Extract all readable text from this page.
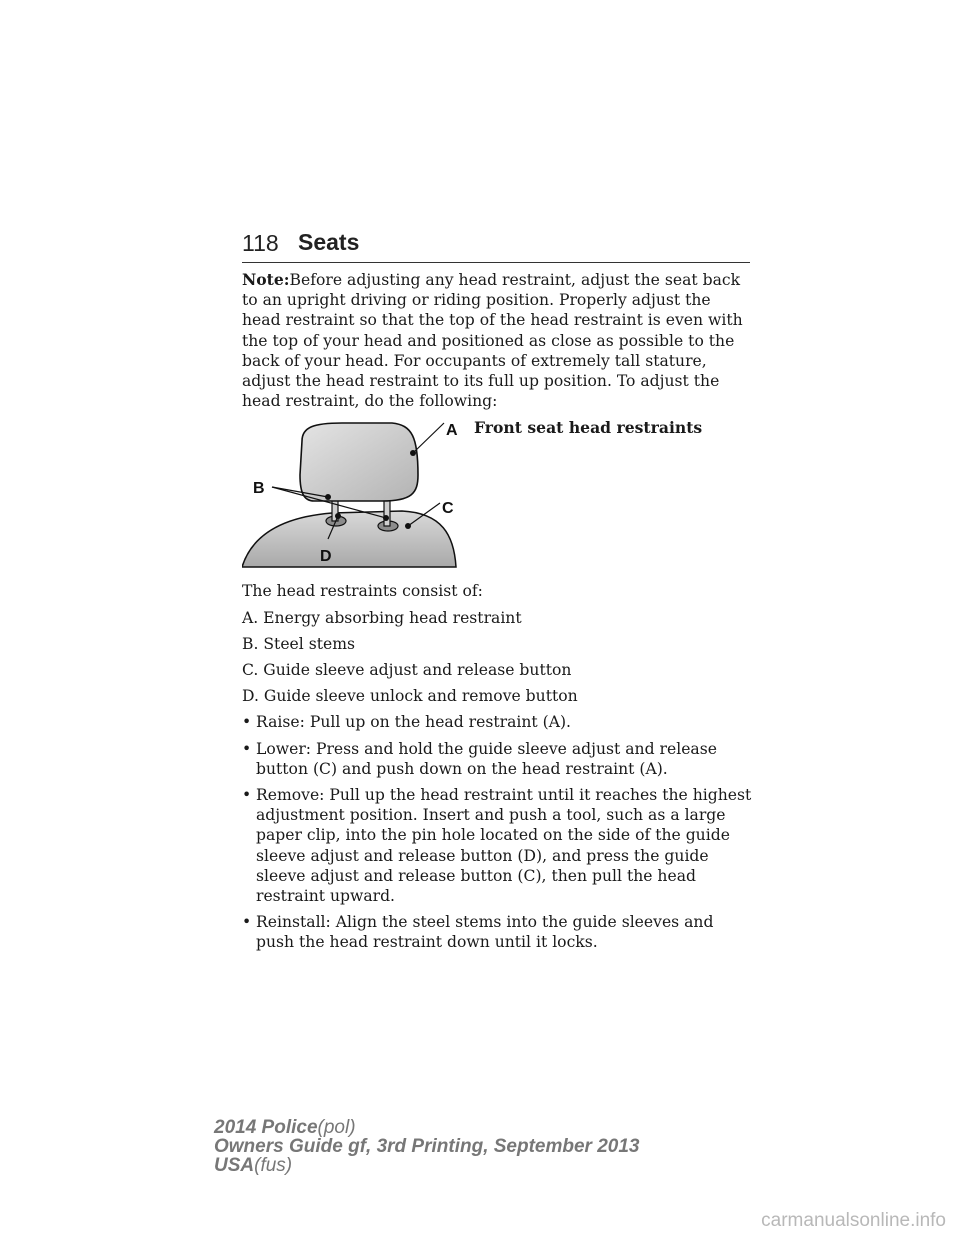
118 Seats

Note:Before adjusting any head restraint, adjust the seat back to an upright driving or riding position. Properly adjust the head restraint so that the top of the head restraint is even with the top of your head and positioned as close as possible to the back of your head. For occupants of extremely tall stature, adjust the head restraint to its full up position. To adjust the head restraint, do the following:

A
B
C
D
Front seat head restraints

The head restraints consist of:

A. Energy absorbing head restraint

B. Steel stems

C. Guide sleeve adjust and release button

D. Guide sleeve unlock and remove button

• Raise: Pull up on the head restraint (A).
• Lower: Press and hold the guide sleeve adjust and release button (C) and push down on the head restraint (A).
• Remove: Pull up the head restraint until it reaches the highest adjustment position. Insert and push a tool, such as a large paper clip, into the pin hole located on the side of the guide sleeve adjust and release button (D), and press the guide sleeve adjust and release button (C), then pull the head restraint upward.
• Reinstall: Align the steel stems into the guide sleeves and push the head restraint down until it locks.
2014 Police(pol)
Owners Guide gf, 3rd Printing, September 2013
USA(fus)
carmanualsonline.info
